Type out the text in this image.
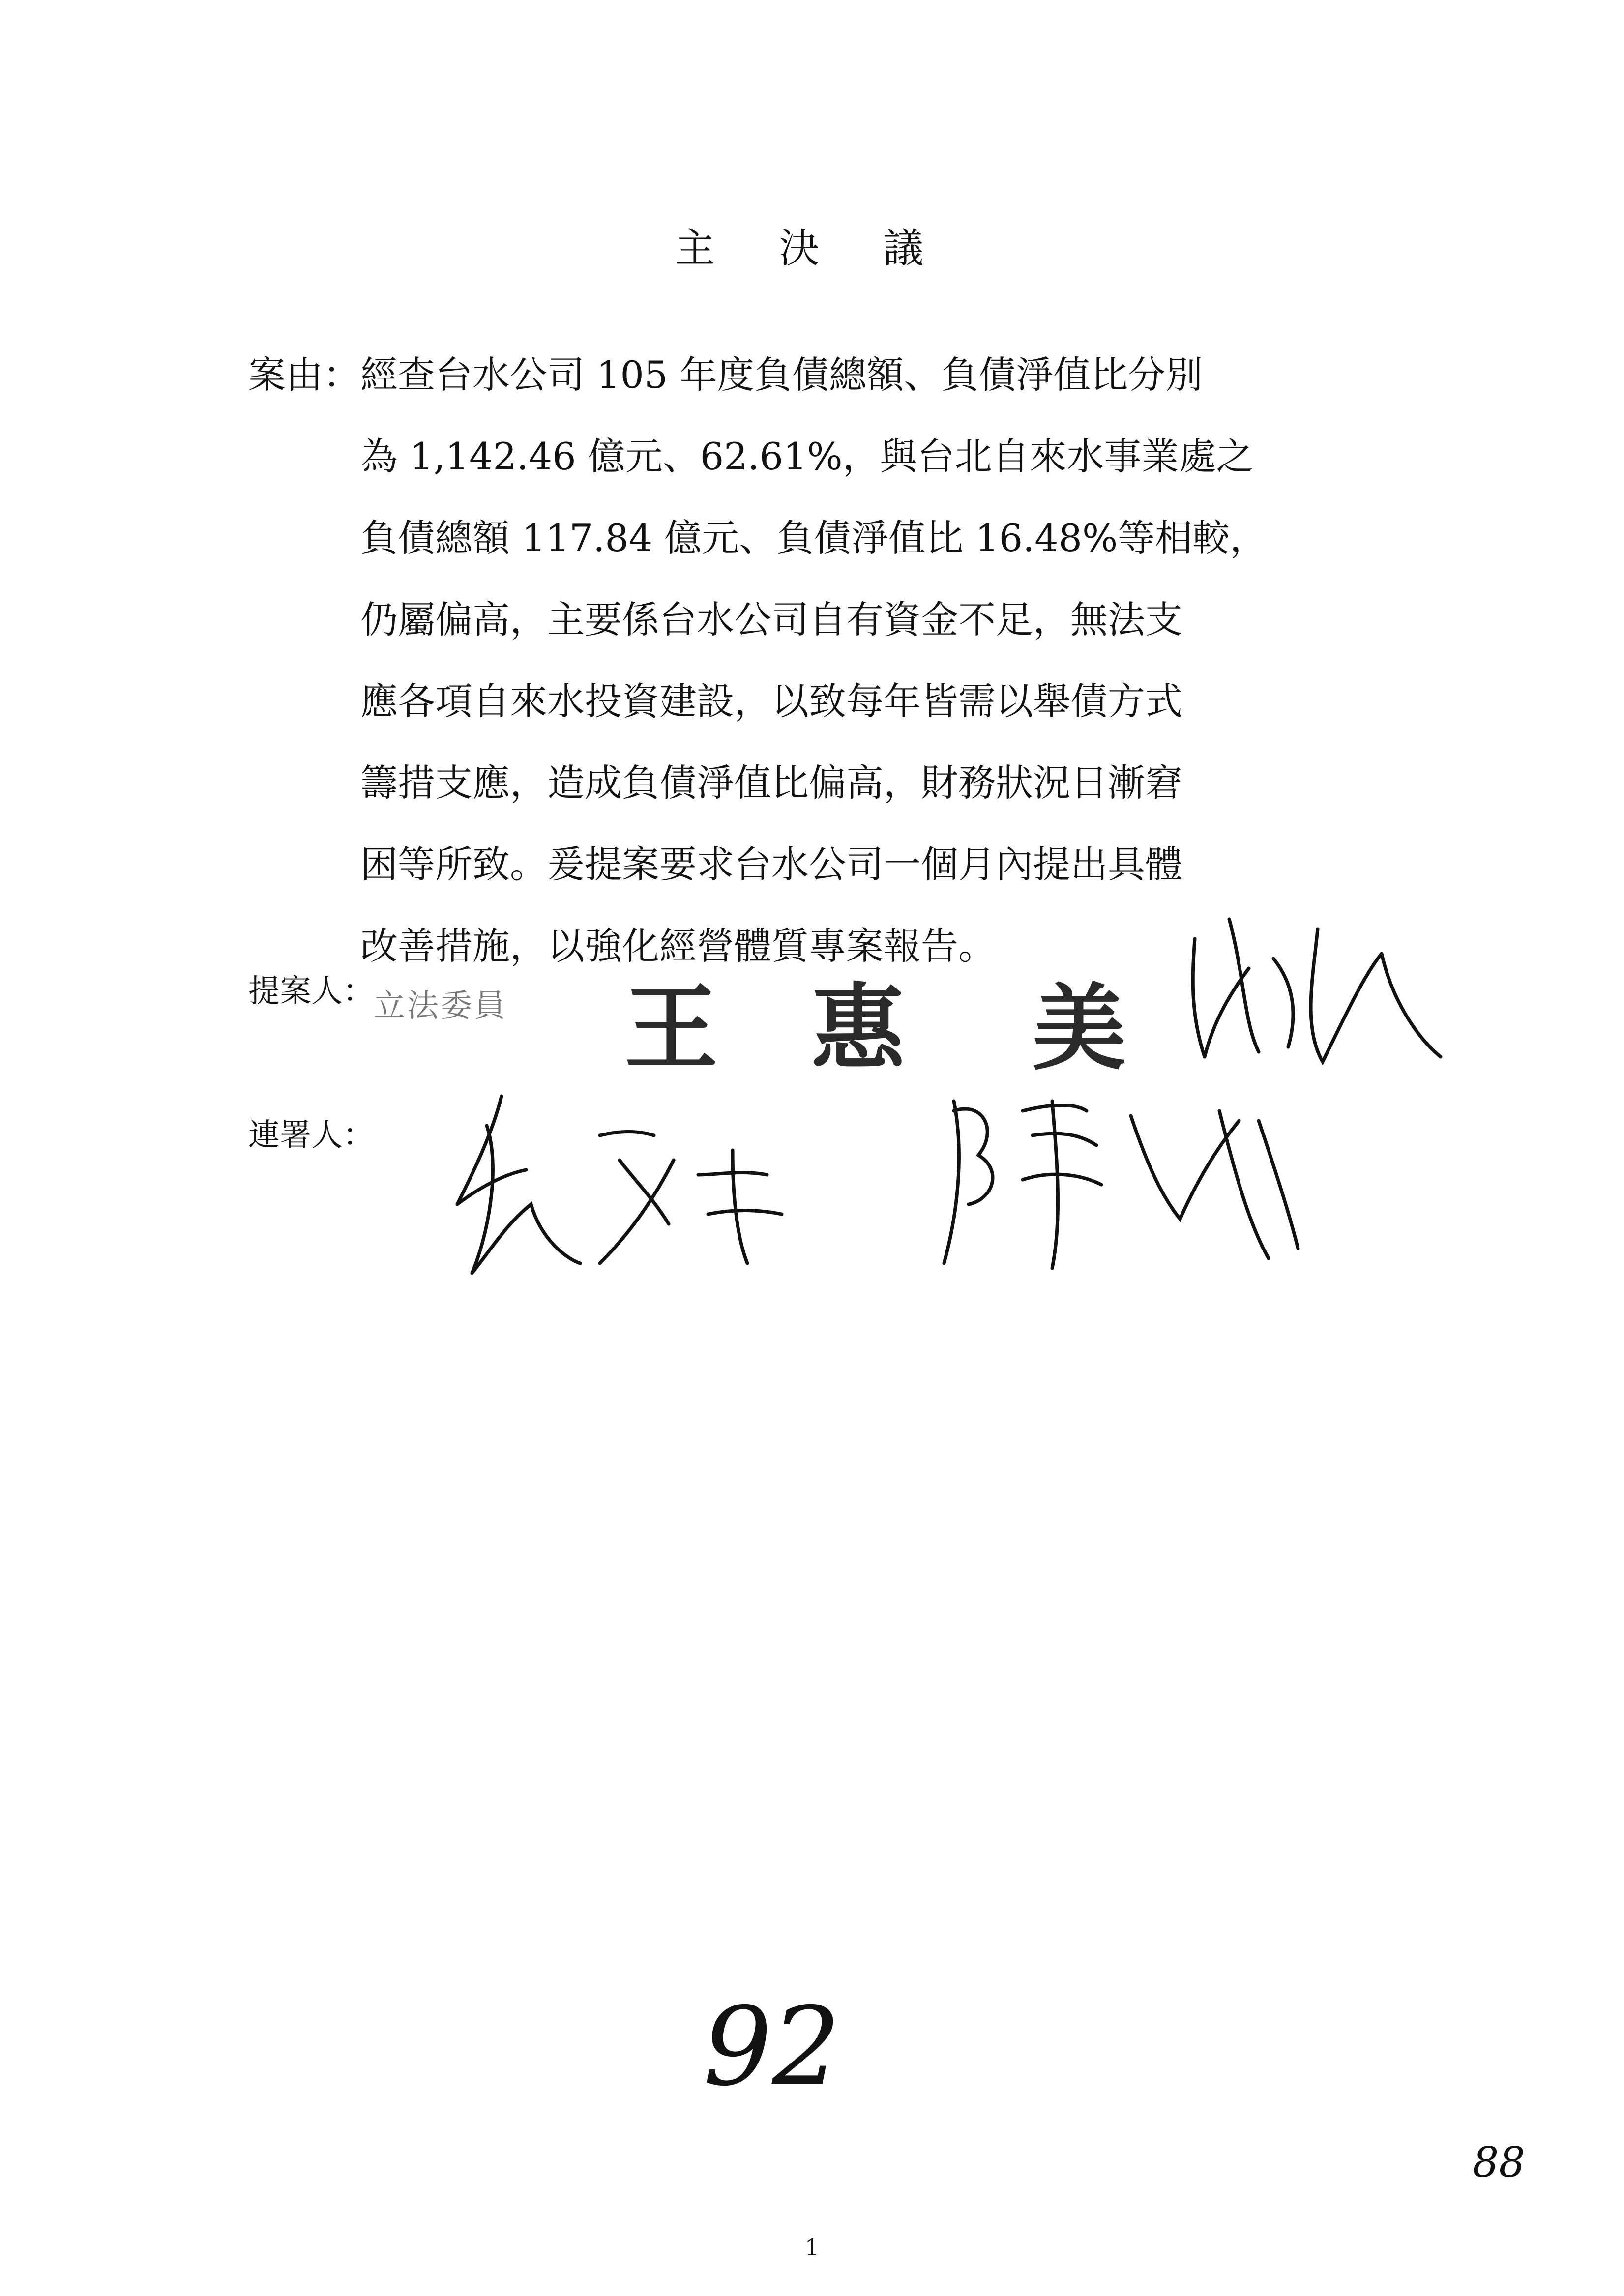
主 決 議
案由：經查台水公司 105 年度負債總額、負債淨值比分別
為 1,142.46 億元、62.61%，與台北自來水事業處之
負債總額 117.84 億元、負債淨值比 16.48%等相較，
仍屬偏高，主要係台水公司自有資金不足，無法支
應各項自來水投資建設，以致每年皆需以舉債方式
籌措支應，造成負債淨值比偏高，財務狀況日漸窘
困等所致。爰提案要求台水公司一個月內提出具體
改善措施，以強化經營體質專案報告。
提案人： 立法委員 王 惠 美
連署人：
92
88
1
